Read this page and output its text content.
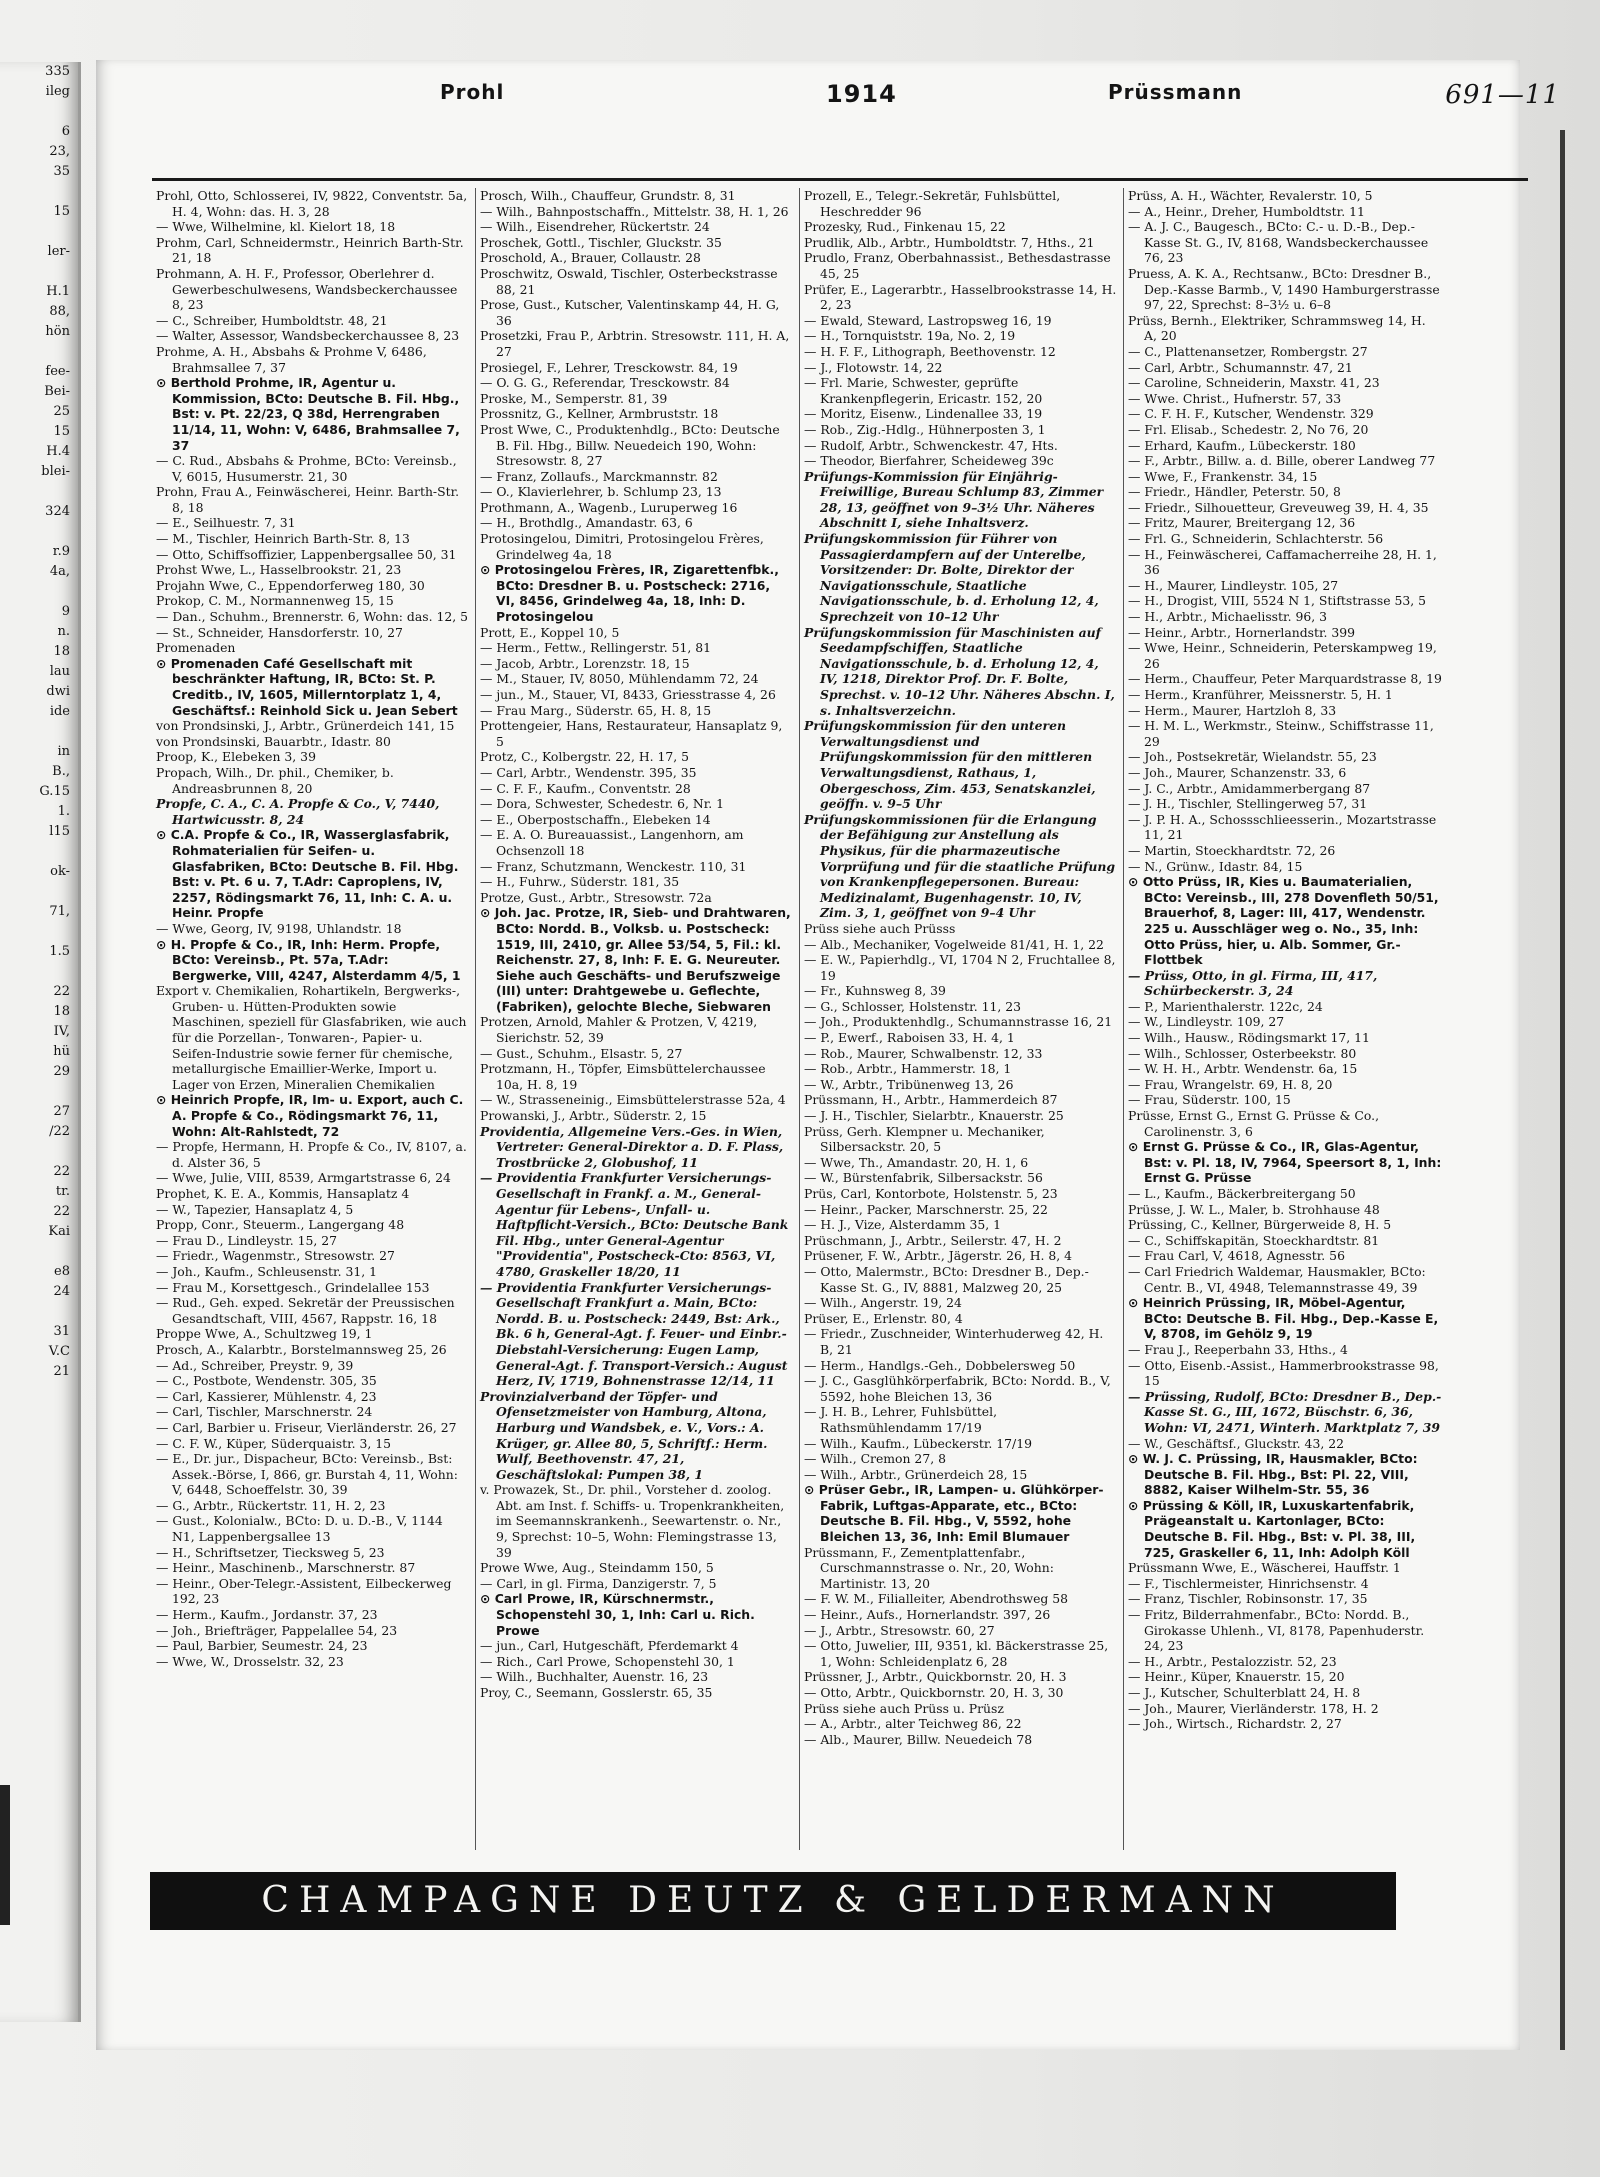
335
ileg
6
23,
35
15
ler-
H.1
88,
hön
fee-
Bei-
25
15
H.4
blei-
324
r.9
4a,
9
n.
18
lau
dwi
ide
in
B.,
G.15
1.
l15
ok-
71,
1.5
22
18
IV,
hü
29
27
/22
22
tr.
22
Kai
e8
24
31
V.C
21
Prohl	1914	Prüssmann	691—11

Prohl, Otto, Schlosserei, IV, 9822, Conventstr. 5a, H. 4, Wohn: das. H. 3, 28

— Wwe, Wilhelmine, kl. Kielort 18, 18

Prohm, Carl, Schneidermstr., Heinrich Barth-Str. 21, 18

Prohmann, A. H. F., Professor, Oberlehrer d. Gewerbeschulwesens, Wandsbeckerchaussee 8, 23

— C., Schreiber, Humboldtstr. 48, 21

— Walter, Assessor, Wandsbeckerchaussee 8, 23

Prohme, A. H., Absbahs & Prohme V, 6486, Brahmsallee 7, 37

⊙ Berthold Prohme, IR, Agentur u. Kommission, BCto: Deutsche B. Fil. Hbg., Bst: v. Pt. 22/23, Q 38d, Herrengraben 11/14, 11, Wohn: V, 6486, Brahmsallee 7, 37

— C. Rud., Absbahs & Prohme, BCto: Vereinsb., V, 6015, Husumerstr. 21, 30

Prohn, Frau A., Feinwäscherei, Heinr. Barth-Str. 8, 18

— E., Seilhuestr. 7, 31

— M., Tischler, Heinrich Barth-Str. 8, 13

— Otto, Schiffsoffizier, Lappenbergsallee 50, 31

Prohst Wwe, L., Hasselbrookstr. 21, 23

Projahn Wwe, C., Eppendorferweg 180, 30

Prokop, C. M., Normannenweg 15, 15

— Dan., Schuhm., Brennerstr. 6, Wohn: das. 12, 5

— St., Schneider, Hansdorferstr. 10, 27

Promenaden

⊙ Promenaden Café Gesellschaft mit beschränkter Haftung, IR, BCto: St. P. Creditb., IV, 1605, Millerntorplatz 1, 4, Geschäftsf.: Reinhold Sick u. Jean Sebert

von Prondsinski, J., Arbtr., Grünerdeich 141, 15

von Prondsinski, Bauarbtr., Idastr. 80

Proop, K., Elebeken 3, 39

Propach, Wilh., Dr. phil., Chemiker, b. Andreasbrunnen 8, 20

Propfe, C. A., C. A. Propfe & Co., V, 7440, Hartwicusstr. 8, 24

⊙ C.A. Propfe & Co., IR, Wasserglasfabrik, Rohmaterialien für Seifen- u. Glasfabriken, BCto: Deutsche B. Fil. Hbg. Bst: v. Pt. 6 u. 7, T.Adr: Caproplens, IV, 2257, Rödingsmarkt 76, 11, Inh: C. A. u. Heinr. Propfe

— Wwe, Georg, IV, 9198, Uhlandstr. 18

⊙ H. Propfe & Co., IR, Inh: Herm. Propfe, BCto: Vereinsb., Pt. 57a, T.Adr: Bergwerke, VIII, 4247, Alsterdamm 4/5, 1

Export v. Chemikalien, Rohartikeln, Bergwerks-, Gruben- u. Hütten-Produkten sowie Maschinen, speziell für Glasfabriken, wie auch für die Porzellan-, Tonwaren-, Papier- u. Seifen-Industrie sowie ferner für chemische, metallurgische Emaillier-Werke, Import u. Lager von Erzen, Mineralien Chemikalien

⊙ Heinrich Propfe, IR, Im- u. Export, auch C. A. Propfe & Co., Rödingsmarkt 76, 11, Wohn: Alt-Rahlstedt, 72

— Propfe, Hermann, H. Propfe & Co., IV, 8107, a. d. Alster 36, 5

— Wwe, Julie, VIII, 8539, Armgartstrasse 6, 24

Prophet, K. E. A., Kommis, Hansaplatz 4

— W., Tapezier, Hansaplatz 4, 5

Propp, Conr., Steuerm., Langergang 48

— Frau D., Lindleystr. 15, 27

— Friedr., Wagenmstr., Stresowstr. 27

— Joh., Kaufm., Schleusenstr. 31, 1

— Frau M., Korsettgesch., Grindelallee 153

— Rud., Geh. exped. Sekretär der Preussischen Gesandtschaft, VIII, 4567, Rappstr. 16, 18

Proppe Wwe, A., Schultzweg 19, 1

Prosch, A., Kalarbtr., Borstelmannsweg 25, 26

— Ad., Schreiber, Preystr. 9, 39

— C., Postbote, Wendenstr. 305, 35

— Carl, Kassierer, Mühlenstr. 4, 23

— Carl, Tischler, Marschnerstr. 24

— Carl, Barbier u. Friseur, Vierländerstr. 26, 27

— C. F. W., Küper, Süderquaistr. 3, 15

— E., Dr. jur., Dispacheur, BCto: Vereinsb., Bst: Assek.-Börse, I, 866, gr. Burstah 4, 11, Wohn: V, 6448, Schoeffelstr. 30, 39

— G., Arbtr., Rückertstr. 11, H. 2, 23

— Gust., Kolonialw., BCto: D. u. D.-B., V, 1144 N1, Lappenbergsallee 13

— H., Schriftsetzer, Tiecksweg 5, 23

— Heinr., Maschinenb., Marschnerstr. 87

— Heinr., Ober-Telegr.-Assistent, Eilbeckerweg 192, 23

— Herm., Kaufm., Jordanstr. 37, 23

— Joh., Briefträger, Pappelallee 54, 23

— Paul, Barbier, Seumestr. 24, 23

— Wwe, W., Drosselstr. 32, 23

Prosch, Wilh., Chauffeur, Grundstr. 8, 31

— Wilh., Bahnpostschaffn., Mittelstr. 38, H. 1, 26

— Wilh., Eisendreher, Rückertstr. 24

Proschek, Gottl., Tischler, Gluckstr. 35

Proschold, A., Brauer, Collaustr. 28

Proschwitz, Oswald, Tischler, Osterbeckstrasse 88, 21

Prose, Gust., Kutscher, Valentinskamp 44, H. G, 36

Prosetzki, Frau P., Arbtrin. Stresowstr. 111, H. A, 27

Prosiegel, F., Lehrer, Tresckowstr. 84, 19

— O. G. G., Referendar, Tresckowstr. 84

Proske, M., Semperstr. 81, 39

Prossnitz, G., Kellner, Armbruststr. 18

Prost Wwe, C., Produktenhdlg., BCto: Deutsche B. Fil. Hbg., Billw. Neuedeich 190, Wohn: Stresowstr. 8, 27

— Franz, Zollaufs., Marckmannstr. 82

— O., Klavierlehrer, b. Schlump 23, 13

Prothmann, A., Wagenb., Luruperweg 16

— H., Brothdlg., Amandastr. 63, 6

Protosingelou, Dimitri, Protosingelou Frères, Grindelweg 4a, 18

⊙ Protosingelou Frères, IR, Zigarettenfbk., BCto: Dresdner B. u. Postscheck: 2716, VI, 8456, Grindelweg 4a, 18, Inh: D. Protosingelou

Prott, E., Koppel 10, 5

— Herm., Fettw., Rellingerstr. 51, 81

— Jacob, Arbtr., Lorenzstr. 18, 15

— M., Stauer, IV, 8050, Mühlendamm 72, 24

— jun., M., Stauer, VI, 8433, Griesstrasse 4, 26

— Frau Marg., Süderstr. 65, H. 8, 15

Prottengeier, Hans, Restaurateur, Hansaplatz 9, 5

Protz, C., Kolbergstr. 22, H. 17, 5

— Carl, Arbtr., Wendenstr. 395, 35

— C. F. F., Kaufm., Conventstr. 28

— Dora, Schwester, Schedestr. 6, Nr. 1

— E., Oberpostschaffn., Elebeken 14

— E. A. O. Bureauassist., Langenhorn, am Ochsenzoll 18

— Franz, Schutzmann, Wenckestr. 110, 31

— H., Fuhrw., Süderstr. 181, 35

Protze, Gust., Arbtr., Stresowstr. 72a

⊙ Joh. Jac. Protze, IR, Sieb- und Drahtwaren, BCto: Nordd. B., Volksb. u. Postscheck: 1519, III, 2410, gr. Allee 53/54, 5, Fil.: kl. Reichenstr. 27, 8, Inh: F. E. G. Neureuter. Siehe auch Geschäfts- und Berufszweige (III) unter: Drahtgewebe u. Geflechte, (Fabriken), gelochte Bleche, Siebwaren

Protzen, Arnold, Mahler & Protzen, V, 4219, Sierichstr. 52, 39

— Gust., Schuhm., Elsastr. 5, 27

Protzmann, H., Töpfer, Eimsbüttelerchaussee 10a, H. 8, 19

— W., Strasseneinig., Eimsbüttelerstrasse 52a, 4

Prowanski, J., Arbtr., Süderstr. 2, 15

Providentia, Allgemeine Vers.-Ges. in Wien, Vertreter: General-Direktor a. D. F. Plass, Trostbrücke 2, Globushof, 11

— Providentia Frankfurter Versicherungs-Gesellschaft in Frankf. a. M., General-Agentur für Lebens-, Unfall- u. Haftpflicht-Versich., BCto: Deutsche Bank Fil. Hbg., unter General-Agentur "Providentia", Postscheck-Cto: 8563, VI, 4780, Graskeller 18/20, 11

— Providentia Frankfurter Versicherungs-Gesellschaft Frankfurt a. Main, BCto: Nordd. B. u. Postscheck: 2449, Bst: Ark., Bk. 6 h, General-Agt. f. Feuer- und Einbr.-Diebstahl-Versicherung: Eugen Lamp, General-Agt. f. Transport-Versich.: August Herz, IV, 1719, Bohnenstrasse 12/14, 11

Provinzialverband der Töpfer- und Ofensetzmeister von Hamburg, Altona, Harburg und Wandsbek, e. V., Vors.: A. Krüger, gr. Allee 80, 5, Schriftf.: Herm. Wulf, Beethovenstr. 47, 21, Geschäftslokal: Pumpen 38, 1

v. Prowazek, St., Dr. phil., Vorsteher d. zoolog. Abt. am Inst. f. Schiffs- u. Tropenkrankheiten, im Seemannskrankenh., Seewartenstr. o. Nr., 9, Sprechst: 10–5, Wohn: Flemingstrasse 13, 39

Prowe Wwe, Aug., Steindamm 150, 5

— Carl, in gl. Firma, Danzigerstr. 7, 5

⊙ Carl Prowe, IR, Kürschnermstr., Schopenstehl 30, 1, Inh: Carl u. Rich. Prowe

— jun., Carl, Hutgeschäft, Pferdemarkt 4

— Rich., Carl Prowe, Schopenstehl 30, 1

— Wilh., Buchhalter, Auenstr. 16, 23

Proy, C., Seemann, Gosslerstr. 65, 35

Prozell, E., Telegr.-Sekretär, Fuhlsbüttel, Heschredder 96

Prozesky, Rud., Finkenau 15, 22

Prudlik, Alb., Arbtr., Humboldtstr. 7, Hths., 21

Prudlo, Franz, Oberbahnassist., Bethesdastrasse 45, 25

Prüfer, E., Lagerarbtr., Hasselbrookstrasse 14, H. 2, 23

— Ewald, Steward, Lastropsweg 16, 19

— H., Tornquiststr. 19a, No. 2, 19

— H. F. F., Lithograph, Beethovenstr. 12

— J., Flotowstr. 14, 22

— Frl. Marie, Schwester, geprüfte Krankenpflegerin, Ericastr. 152, 20

— Moritz, Eisenw., Lindenallee 33, 19

— Rob., Zig.-Hdlg., Hühnerposten 3, 1

— Rudolf, Arbtr., Schwenckestr. 47, Hts.

— Theodor, Bierfahrer, Scheideweg 39c

Prüfungs-Kommission für Einjährig-Freiwillige, Bureau Schlump 83, Zimmer 28, 13, geöffnet von 9–3½ Uhr. Näheres Abschnitt I, siehe Inhaltsverz.

Prüfungskommission für Führer von Passagierdampfern auf der Unterelbe, Vorsitzender: Dr. Bolte, Direktor der Navigationsschule, Staatliche Navigationsschule, b. d. Erholung 12, 4, Sprechzeit von 10–12 Uhr

Prüfungskommission für Maschinisten auf Seedampfschiffen, Staatliche Navigationsschule, b. d. Erholung 12, 4, IV, 1218, Direktor Prof. Dr. F. Bolte, Sprechst. v. 10–12 Uhr. Näheres Abschn. I, s. Inhaltsverzeichn.

Prüfungskommission für den unteren Verwaltungsdienst und Prüfungskommission für den mittleren Verwaltungsdienst, Rathaus, 1, Obergeschoss, Zim. 453, Senatskanzlei, geöffn. v. 9–5 Uhr

Prüfungskommissionen für die Erlangung der Befähigung zur Anstellung als Physikus, für die pharmazeutische Vorprüfung und für die staatliche Prüfung von Krankenpflegepersonen. Bureau: Medizinalamt, Bugenhagenstr. 10, IV, Zim. 3, 1, geöffnet von 9–4 Uhr

Prüss siehe auch Prüsss

— Alb., Mechaniker, Vogelweide 81/41, H. 1, 22

— E. W., Papierhdlg., VI, 1704 N 2, Fruchtallee 8, 19

— Fr., Kuhnsweg 8, 39

— G., Schlosser, Holstenstr. 11, 23

— Joh., Produktenhdlg., Schumannstrasse 16, 21

— P., Ewerf., Raboisen 33, H. 4, 1

— Rob., Maurer, Schwalbenstr. 12, 33

— Rob., Arbtr., Hammerstr. 18, 1

— W., Arbtr., Tribünenweg 13, 26

Prüssmann, H., Arbtr., Hammerdeich 87

— J. H., Tischler, Sielarbtr., Knauerstr. 25

Prüss, Gerh. Klempner u. Mechaniker, Silbersackstr. 20, 5

— Wwe, Th., Amandastr. 20, H. 1, 6

— W., Bürstenfabrik, Silbersackstr. 56

Prüs, Carl, Kontorbote, Holstenstr. 5, 23

— Heinr., Packer, Marschnerstr. 25, 22

— H. J., Vize, Alsterdamm 35, 1

Prüschmann, J., Arbtr., Seilerstr. 47, H. 2

Prüsener, F. W., Arbtr., Jägerstr. 26, H. 8, 4

— Otto, Malermstr., BCto: Dresdner B., Dep.-Kasse St. G., IV, 8881, Malzweg 20, 25

— Wilh., Angerstr. 19, 24

Prüser, E., Erlenstr. 80, 4

— Friedr., Zuschneider, Winterhuderweg 42, H. B, 21

— Herm., Handlgs.-Geh., Dobbelersweg 50

— J. C., Gasglühkörperfabrik, BCto: Nordd. B., V, 5592, hohe Bleichen 13, 36

— J. H. B., Lehrer, Fuhlsbüttel, Rathsmühlendamm 17/19

— Wilh., Kaufm., Lübeckerstr. 17/19

— Wilh., Cremon 27, 8

— Wilh., Arbtr., Grünerdeich 28, 15

⊙ Prüser Gebr., IR, Lampen- u. Glühkörper-Fabrik, Luftgas-Apparate, etc., BCto: Deutsche B. Fil. Hbg., V, 5592, hohe Bleichen 13, 36, Inh: Emil Blumauer

Prüssmann, F., Zementplattenfabr., Curschmannstrasse o. Nr., 20, Wohn: Martinistr. 13, 20

— F. W. M., Filialleiter, Abendrothsweg 58

— Heinr., Aufs., Hornerlandstr. 397, 26

— J., Arbtr., Stresowstr. 60, 27

— Otto, Juwelier, III, 9351, kl. Bäckerstrasse 25, 1, Wohn: Schleidenplatz 6, 28

Prüssner, J., Arbtr., Quickbornstr. 20, H. 3

— Otto, Arbtr., Quickbornstr. 20, H. 3, 30

Prüss siehe auch Prüss u. Prüsz

— A., Arbtr., alter Teichweg 86, 22

— Alb., Maurer, Billw. Neuedeich 78

Prüss, A. H., Wächter, Revalerstr. 10, 5

— A., Heinr., Dreher, Humboldtstr. 11

— A. J. C., Baugesch., BCto: C.- u. D.-B., Dep.-Kasse St. G., IV, 8168, Wandsbeckerchaussee 76, 23

Pruess, A. K. A., Rechtsanw., BCto: Dresdner B., Dep.-Kasse Barmb., V, 1490 Hamburgerstrasse 97, 22, Sprechst: 8–3½ u. 6–8

Prüss, Bernh., Elektriker, Schrammsweg 14, H. A, 20

— C., Plattenansetzer, Rombergstr. 27

— Carl, Arbtr., Schumannstr. 47, 21

— Caroline, Schneiderin, Maxstr. 41, 23

— Wwe. Christ., Hufnerstr. 57, 33

— C. F. H. F., Kutscher, Wendenstr. 329

— Frl. Elisab., Schedestr. 2, No 76, 20

— Erhard, Kaufm., Lübeckerstr. 180

— F., Arbtr., Billw. a. d. Bille, oberer Landweg 77

— Wwe, F., Frankenstr. 34, 15

— Friedr., Händler, Peterstr. 50, 8

— Friedr., Silhouetteur, Greveuweg 39, H. 4, 35

— Fritz, Maurer, Breitergang 12, 36

— Frl. G., Schneiderin, Schlachterstr. 56

— H., Feinwäscherei, Caffamacherreihe 28, H. 1, 36

— H., Maurer, Lindleystr. 105, 27

— H., Drogist, VIII, 5524 N 1, Stiftstrasse 53, 5

— H., Arbtr., Michaelisstr. 96, 3

— Heinr., Arbtr., Hornerlandstr. 399

— Wwe, Heinr., Schneiderin, Peterskampweg 19, 26

— Herm., Chauffeur, Peter Marquardstrasse 8, 19

— Herm., Kranführer, Meissnerstr. 5, H. 1

— Herm., Maurer, Hartzloh 8, 33

— H. M. L., Werkmstr., Steinw., Schiffstrasse 11, 29

— Joh., Postsekretär, Wielandstr. 55, 23

— Joh., Maurer, Schanzenstr. 33, 6

— J. C., Arbtr., Amidammerbergang 87

— J. H., Tischler, Stellingerweg 57, 31

— J. P. H. A., Schossschlieesserin., Mozartstrasse 11, 21

— Martin, Stoeckhardtstr. 72, 26

— N., Grünw., Idastr. 84, 15

⊙ Otto Prüss, IR, Kies u. Baumaterialien, BCto: Vereinsb., III, 278 Dovenfleth 50/51, Brauerhof, 8, Lager: III, 417, Wendenstr. 225 u. Ausschläger weg o. No., 35, Inh: Otto Prüss, hier, u. Alb. Sommer, Gr.-Flottbek

— Prüss, Otto, in gl. Firma, III, 417, Schürbeckerstr. 3, 24

— P., Marienthalerstr. 122c, 24

— W., Lindleystr. 109, 27

— Wilh., Hausw., Rödingsmarkt 17, 11

— Wilh., Schlosser, Osterbeekstr. 80

— W. H. H., Arbtr. Wendenstr. 6a, 15

— Frau, Wrangelstr. 69, H. 8, 20

— Frau, Süderstr. 100, 15

Prüsse, Ernst G., Ernst G. Prüsse & Co., Carolinenstr. 3, 6

⊙ Ernst G. Prüsse & Co., IR, Glas-Agentur, Bst: v. Pl. 18, IV, 7964, Speersort 8, 1, Inh: Ernst G. Prüsse

— L., Kaufm., Bäckerbreitergang 50

Prüsse, J. W. L., Maler, b. Strohhause 48

Prüssing, C., Kellner, Bürgerweide 8, H. 5

— C., Schiffskapitän, Stoeckhardtstr. 81

— Frau Carl, V, 4618, Agnesstr. 56

— Carl Friedrich Waldemar, Hausmakler, BCto: Centr. B., VI, 4948, Telemannstrasse 49, 39

⊙ Heinrich Prüssing, IR, Möbel-Agentur, BCto: Deutsche B. Fil. Hbg., Dep.-Kasse E, V, 8708, im Gehölz 9, 19

— Frau J., Reeperbahn 33, Hths., 4

— Otto, Eisenb.-Assist., Hammerbrookstrasse 98, 15

— Prüssing, Rudolf, BCto: Dresdner B., Dep.-Kasse St. G., III, 1672, Büschstr. 6, 36, Wohn: VI, 2471, Winterh. Marktplatz 7, 39

— W., Geschäftsf., Gluckstr. 43, 22

⊙ W. J. C. Prüssing, IR, Hausmakler, BCto: Deutsche B. Fil. Hbg., Bst: Pl. 22, VIII, 8882, Kaiser Wilhelm-Str. 55, 36

⊙ Prüssing & Köll, IR, Luxuskartenfabrik, Prägeanstalt u. Kartonlager, BCto: Deutsche B. Fil. Hbg., Bst: v. Pl. 38, III, 725, Graskeller 6, 11, Inh: Adolph Köll

Prüssmann Wwe, E., Wäscherei, Hauffstr. 1

— F., Tischlermeister, Hinrichsenstr. 4

— Franz, Tischler, Robinsonstr. 17, 35

— Fritz, Bilderrahmenfabr., BCto: Nordd. B., Girokasse Uhlenh., VI, 8178, Papenhuderstr. 24, 23

— H., Arbtr., Pestalozzistr. 52, 23

— Heinr., Küper, Knauerstr. 15, 20

— J., Kutscher, Schulterblatt 24, H. 8

— Joh., Maurer, Vierländerstr. 178, H. 2

— Joh., Wirtsch., Richardstr. 2, 27

CHAMPAGNE DEUTZ & GELDERMANN
